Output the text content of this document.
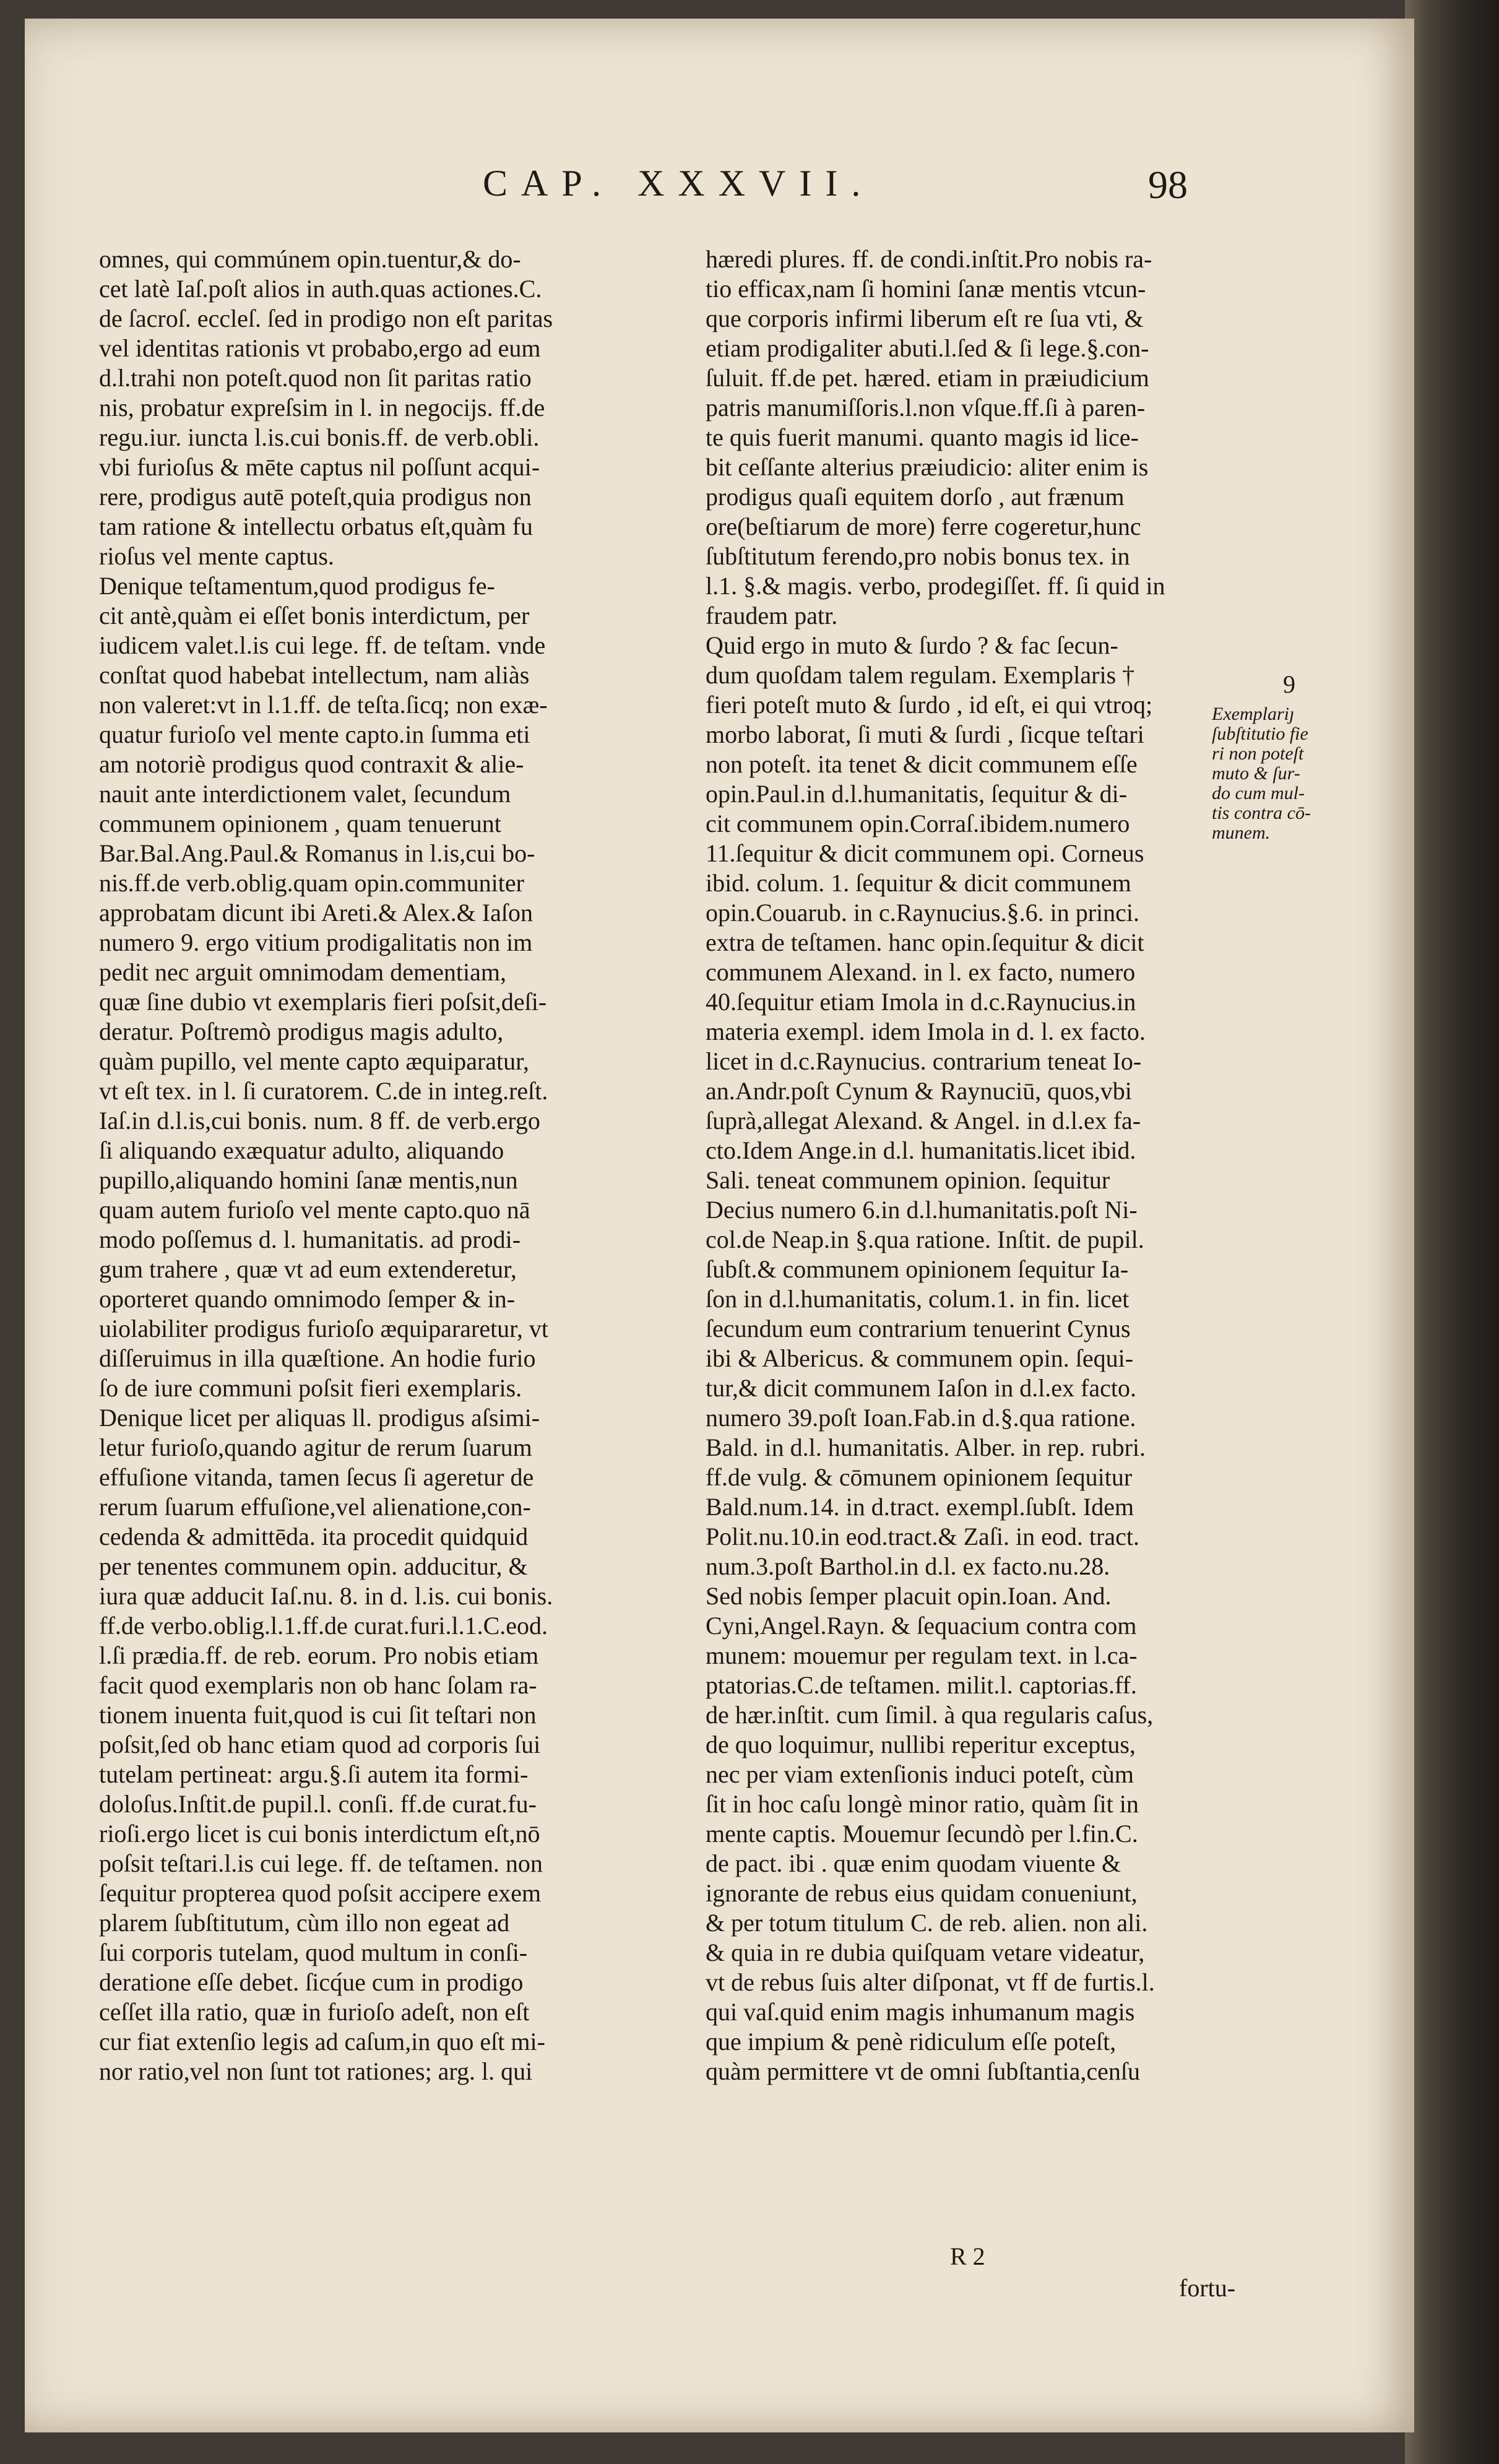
CAP. XXXVII.	98
omnes, qui commúnem opin.tuentur,& do-
cet latè Iaſ.poſt alios in auth.quas actiones.C.
de ſacroſ. eccleſ. ſed in prodigo non eſt paritas
vel identitas rationis vt probabo,ergo ad eum
d.l.trahi non poteſt.quod non ſit paritas ratio
nis, probatur expreſsim in l. in negocijs. ff.de
regu.iur. iuncta l.is.cui bonis.ff. de verb.obli.
vbi furioſus & mēte captus nil poſſunt acqui-
rere, prodigus autē poteſt,quia prodigus non
tam ratione & intellectu orbatus eſt,quàm fu
rioſus vel mente captus.
Denique teſtamentum,quod prodigus fe-
cit antè,quàm ei eſſet bonis interdictum, per
iudicem valet.l.is cui lege. ff. de teſtam. vnde
conſtat quod habebat intellectum, nam aliàs
non valeret:vt in l.1.ff. de teſta.ſicq; non exæ-
quatur furioſo vel mente capto.in ſumma eti
am notoriè prodigus quod contraxit & alie-
nauit ante interdictionem valet, ſecundum
communem opinionem , quam tenuerunt
Bar.Bal.Ang.Paul.& Romanus in l.is,cui bo-
nis.ff.de verb.oblig.quam opin.communiter
approbatam dicunt ibi Areti.& Alex.& Iaſon
numero 9. ergo vitium prodigalitatis non im
pedit nec arguit omnimodam dementiam,
quæ ſine dubio vt exemplaris fieri poſsit,deſi-
deratur. Poſtremò prodigus magis adulto,
quàm pupillo, vel mente capto æquiparatur,
vt eſt tex. in l. ſi curatorem. C.de in integ.reſt.
Iaſ.in d.l.is,cui bonis. num. 8 ff. de verb.ergo
ſi aliquando exæquatur adulto, aliquando
pupillo,aliquando homini ſanæ mentis,nun
quam autem furioſo vel mente capto.quo nā
modo poſſemus d. l. humanitatis. ad prodi-
gum trahere , quæ vt ad eum extenderetur,
oporteret quando omnimodo ſemper & in-
uiolabiliter prodigus furioſo æquipararetur, vt
diſſeruimus in illa quæſtione. An hodie furio
ſo de iure communi poſsit fieri exemplaris.
Denique licet per aliquas ll. prodigus aſsimi-
letur furioſo,quando agitur de rerum ſuarum
effuſione vitanda, tamen ſecus ſi ageretur de
rerum ſuarum effuſione,vel alienatione,con-
cedenda & admittēda. ita procedit quidquid
per tenentes communem opin. adducitur, &
iura quæ adducit Iaſ.nu. 8. in d. l.is. cui bonis.
ff.de verbo.oblig.l.1.ff.de curat.furi.l.1.C.eod.
l.ſi prædia.ff. de reb. eorum. Pro nobis etiam
facit quod exemplaris non ob hanc ſolam ra-
tionem inuenta fuit,quod is cui ſit teſtari non
poſsit,ſed ob hanc etiam quod ad corporis ſui
tutelam pertineat: argu.§.ſi autem ita formi-
doloſus.Inſtit.de pupil.l. conſi. ff.de curat.fu-
rioſi.ergo licet is cui bonis interdictum eſt,nō
poſsit teſtari.l.is cui lege. ff. de teſtamen. non
ſequitur propterea quod poſsit accipere exem
plarem ſubſtitutum, cùm illo non egeat ad
ſui corporis tutelam, quod multum in conſi-
deratione eſſe debet. ſicq́ue cum in prodigo
ceſſet illa ratio, quæ in furioſo adeſt, non eſt
cur fiat extenſio legis ad caſum,in quo eſt mi-
nor ratio,vel non ſunt tot rationes; arg. l. qui
hæredi plures. ff. de condi.inſtit.Pro nobis ra-
tio efficax,nam ſi homini ſanæ mentis vtcun-
que corporis infirmi liberum eſt re ſua vti, &
etiam prodigaliter abuti.l.ſed & ſi lege.§.con-
ſuluit. ff.de pet. hæred. etiam in præiudicium
patris manumiſſoris.l.non vſque.ff.ſi à paren-
te quis fuerit manumi. quanto magis id lice-
bit ceſſante alterius præiudicio: aliter enim is
prodigus quaſi equitem dorſo , aut frænum
ore(beſtiarum de more) ferre cogeretur,hunc
ſubſtitutum ferendo,pro nobis bonus tex. in
l.1. §.& magis. verbo, prodegiſſet. ff. ſi quid in
fraudem patr.
Quid ergo in muto & ſurdo ? & fac ſecun-
dum quoſdam talem regulam. Exemplaris †
fieri poteſt muto & ſurdo , id eſt, ei qui vtroq;
morbo laborat, ſi muti & ſurdi , ſicque teſtari
non poteſt. ita tenet & dicit communem eſſe
opin.Paul.in d.l.humanitatis, ſequitur & di-
cit communem opin.Corraſ.ibidem.numero
11.ſequitur & dicit communem opi. Corneus
ibid. colum. 1. ſequitur & dicit communem
opin.Couarub. in c.Raynucius.§.6. in princi.
extra de teſtamen. hanc opin.ſequitur & dicit
communem Alexand. in l. ex facto, numero
40.ſequitur etiam Imola in d.c.Raynucius.in
materia exempl. idem Imola in d. l. ex facto.
licet in d.c.Raynucius. contrarium teneat Io-
an.Andr.poſt Cynum & Raynuciū, quos,vbi
ſuprà,allegat Alexand. & Angel. in d.l.ex fa-
cto.Idem Ange.in d.l. humanitatis.licet ibid.
Sali. teneat communem opinion. ſequitur
Decius numero 6.in d.l.humanitatis.poſt Ni-
col.de Neap.in §.qua ratione. Inſtit. de pupil.
ſubſt.& communem opinionem ſequitur Ia-
ſon in d.l.humanitatis, colum.1. in fin. licet
ſecundum eum contrarium tenuerint Cynus
ibi & Albericus. & communem opin. ſequi-
tur,& dicit communem Iaſon in d.l.ex facto.
numero 39.poſt Ioan.Fab.in d.§.qua ratione.
Bald. in d.l. humanitatis. Alber. in rep. rubri.
ff.de vulg. & cōmunem opinionem ſequitur
Bald.num.14. in d.tract. exempl.ſubſt. Idem
Polit.nu.10.in eod.tract.& Zaſi. in eod. tract.
num.3.poſt Barthol.in d.l. ex facto.nu.28.
Sed nobis ſemper placuit opin.Ioan. And.
Cyni,Angel.Rayn. & ſequacium contra com
munem: mouemur per regulam text. in l.ca-
ptatorias.C.de teſtamen. milit.l. captorias.ff.
de hær.inſtit. cum ſimil. à qua regularis caſus,
de quo loquimur, nullibi reperitur exceptus,
nec per viam extenſionis induci poteſt, cùm
ſit in hoc caſu longè minor ratio, quàm ſit in
mente captis. Mouemur ſecundò per l.fin.C.
de pact. ibi . quæ enim quodam viuente &
ignorante de rebus eius quidam conueniunt,
& per totum titulum C. de reb. alien. non ali.
& quia in re dubia quiſquam vetare videatur,
vt de rebus ſuis alter diſponat, vt ff de furtis.l.
qui vaſ.quid enim magis inhumanum magis
que impium & penè ridiculum eſſe poteſt,
quàm permittere vt de omni ſubſtantia,cenſu
9
Exemplariȷ
ſubſtitutio fie
ri non poteſt
muto & ſur-
do cum mul-
tis contra cō-
munem.
R 2
fortu-
